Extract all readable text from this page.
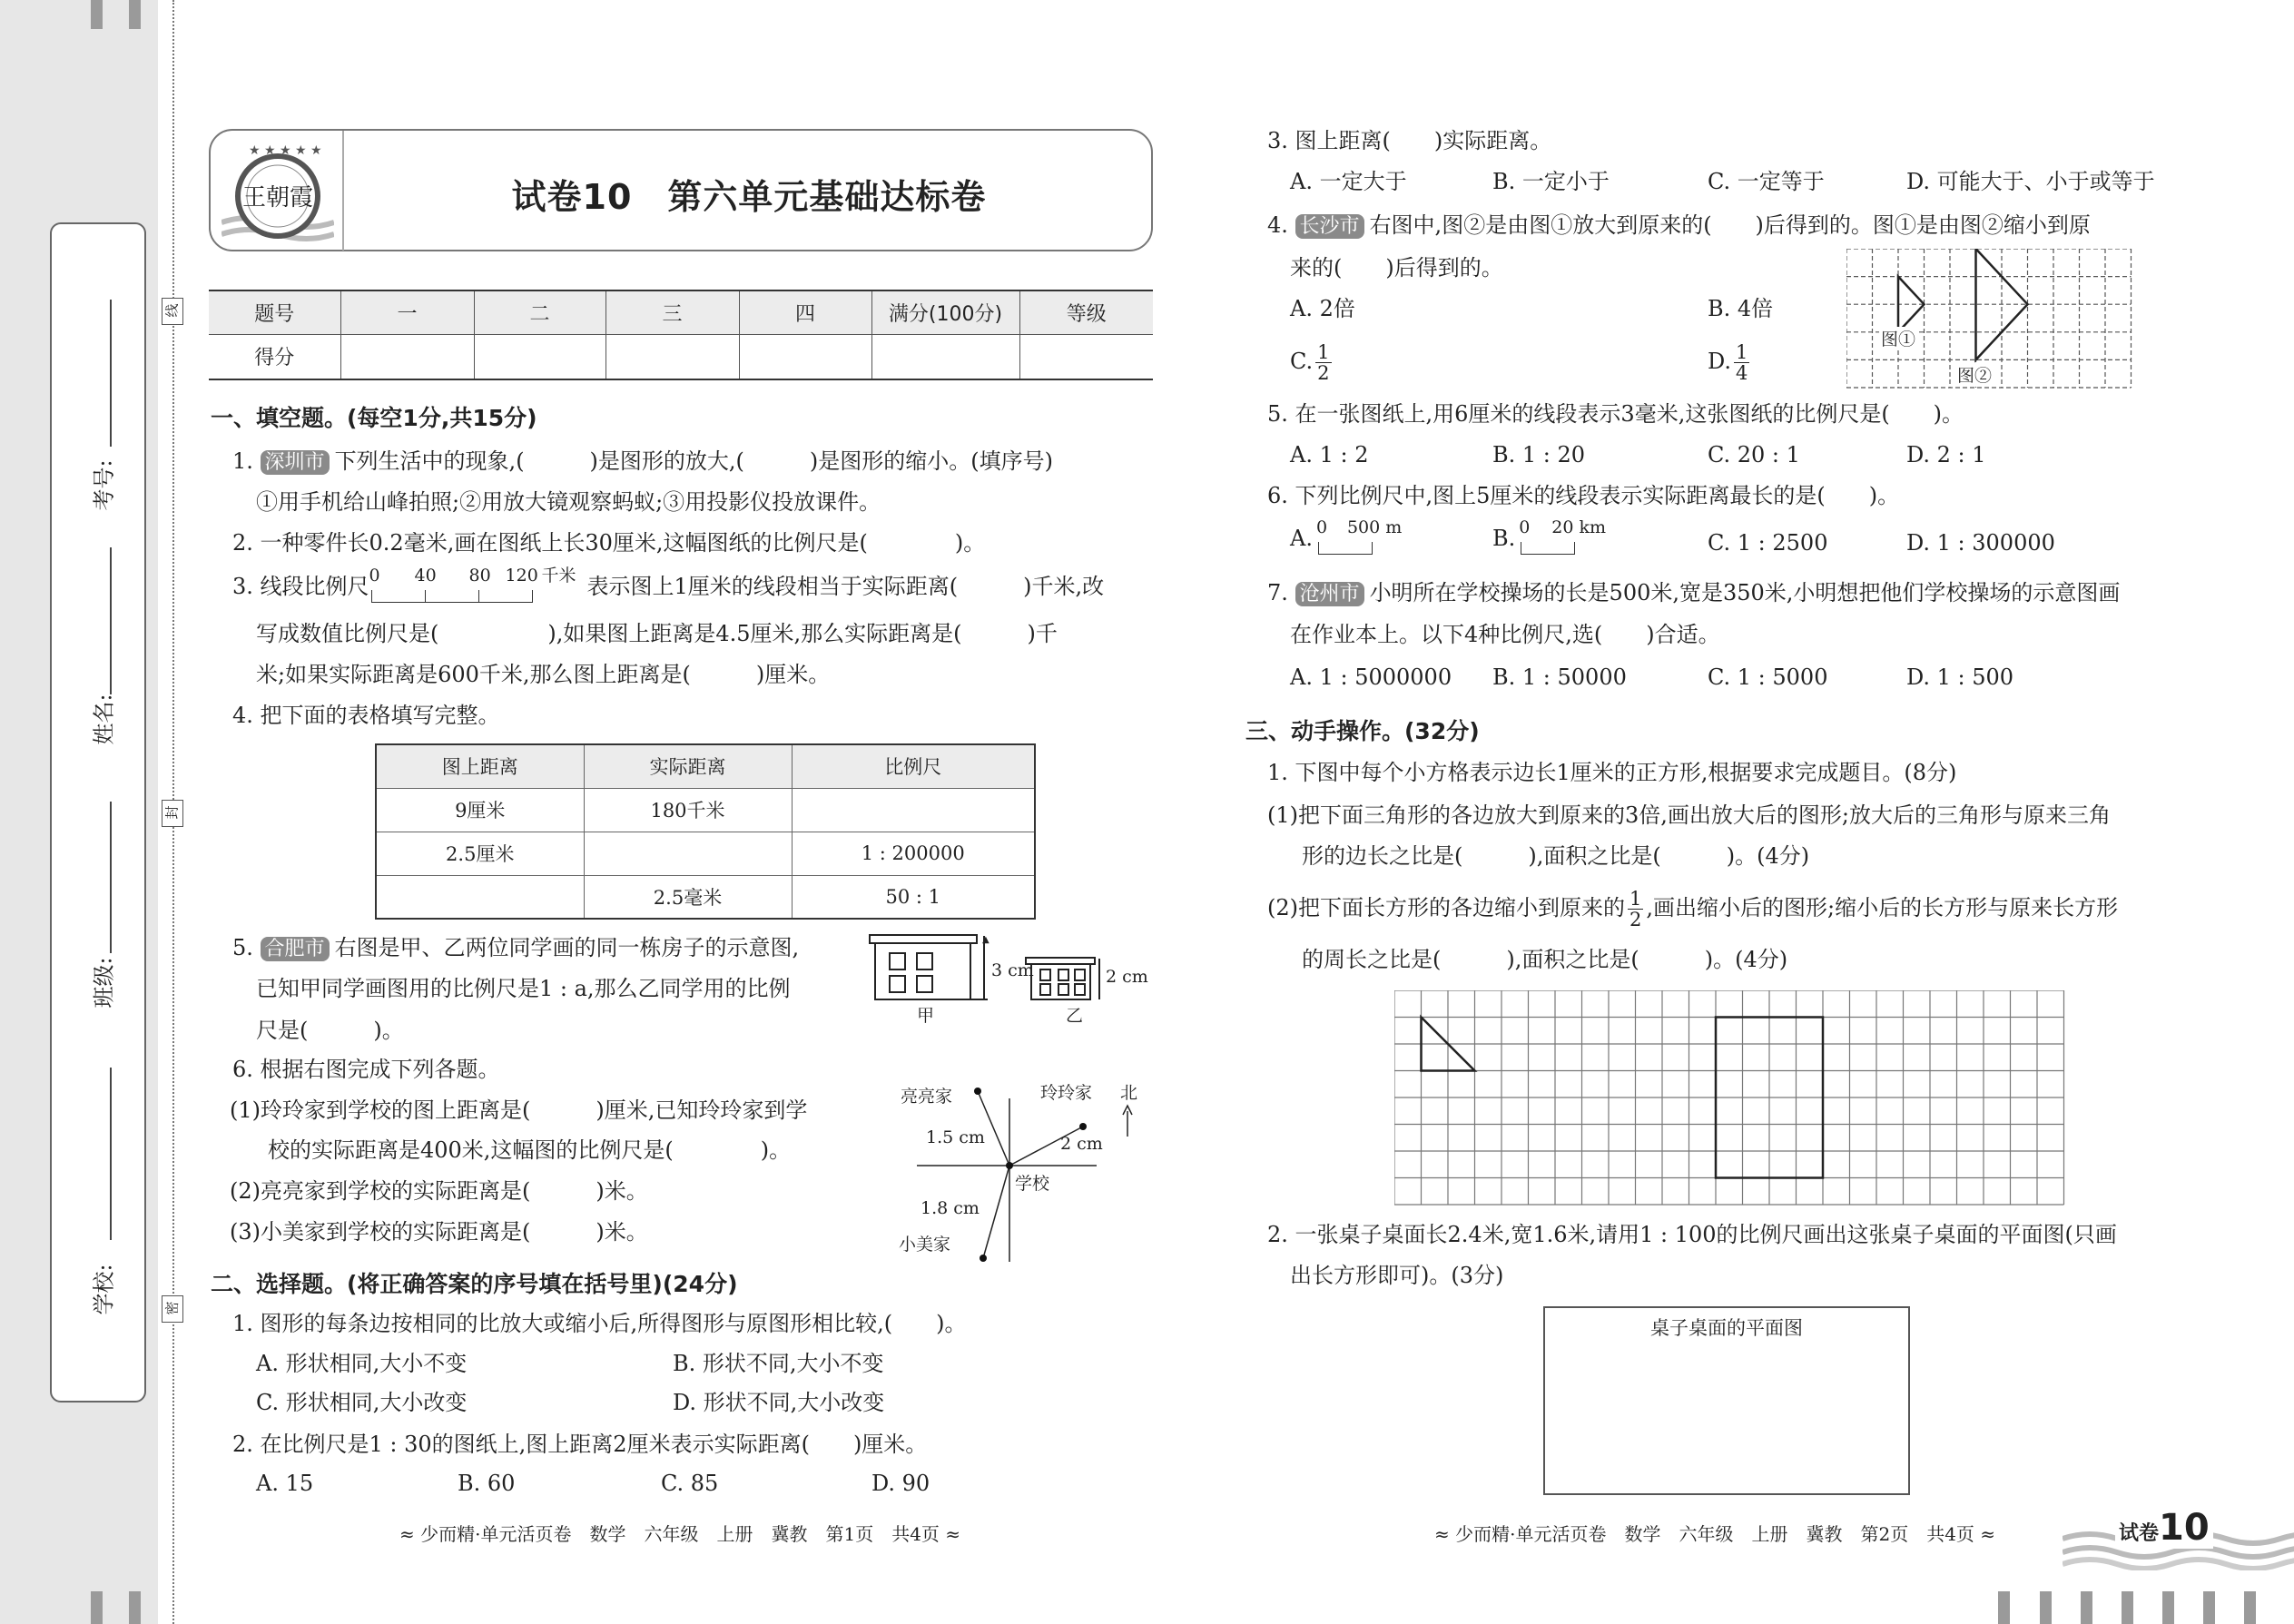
考号:
姓名:
班级:
学校:
线
封
密
★ ★ ★ ★ ★
王朝霞	试卷10　第六单元基础达标卷
题号	一	二	三	四	满分(100分)	等级
得分						
一、填空题。(每空1分,共15分)
1. 深圳市 下列生活中的现象,(　　　)是图形的放大,(　　　)是图形的缩小。(填序号)
①用手机给山峰拍照;②用放大镜观察蚂蚁;③用投影仪投放课件。
2. 一种零件长0.2毫米,画在图纸上长30厘米,这幅图纸的比例尺是(　　　　)。
3. 线段比例尺 0 40 80 120 千米 表示图上1厘米的线段相当于实际距离(　　　)千米,改
写成数值比例尺是(　　　　　),如果图上距离是4.5厘米,那么实际距离是(　　　)千
米;如果实际距离是600千米,那么图上距离是(　　　)厘米。
4. 把下面的表格填写完整。
图上距离	实际距离	比例尺
9厘米	180千米	
2.5厘米		1 : 200000
	2.5毫米	50 : 1
5. 合肥市 右图是甲、乙两位同学画的同一栋房子的示意图,
已知甲同学画图用的比例尺是1 : a,那么乙同学用的比例
尺是(　　　)。
▲
3 cm	2 cm
甲	乙
6. 根据右图完成下列各题。
(1)玲玲家到学校的图上距离是(　　　)厘米,已知玲玲家到学
校的实际距离是400米,这幅图的比例尺是(　　　　)。
(2)亮亮家到学校的实际距离是(　　　)米。
(3)小美家到学校的实际距离是(　　　)米。
亮亮家	玲玲家 北
1.5 cm	2 cm
学校
1.8 cm
小美家
二、选择题。(将正确答案的序号填在括号里)(24分)
1. 图形的每条边按相同的比放大或缩小后,所得图形与原图形相比较,(　　)。
A. 形状相同,大小不变	B. 形状不同,大小不变
C. 形状相同,大小改变	D. 形状不同,大小改变
2. 在比例尺是1 : 30的图纸上,图上距离2厘米表示实际距离(　　)厘米。
A. 15	B. 60	C. 85	D. 90
≈ 少而精·单元活页卷　数学　六年级　上册　冀教　第1页　共4页 ≈
3. 图上距离(　　)实际距离。
A. 一定大于	B. 一定小于	C. 一定等于	D. 可能大于、小于或等于
4. 长沙市 右图中,图②是由图①放大到原来的(　　)后得到的。图①是由图②缩小到原
来的(　　)后得到的。
A. 2倍	B. 4倍
C. $\frac{1}{2}$	D. $\frac{1}{4}$
图①
图②
5. 在一张图纸上,用6厘米的线段表示3毫米,这张图纸的比例尺是(　　)。
A. 1 : 2	B. 1 : 20	C. 20 : 1	D. 2 : 1
6. 下列比例尺中,图上5厘米的线段表示实际距离最长的是(　　)。
A. 0 500 m	B. 0 20 km
C. 1 : 2500	D. 1 : 300000
7. 沧州市 小明所在学校操场的长是500米,宽是350米,小明想把他们学校操场的示意图画
在作业本上。以下4种比例尺,选(　　)合适。
A. 1 : 5000000 B. 1 : 50000	C. 1 : 5000	D. 1 : 500
三、动手操作。(32分)
1. 下图中每个小方格表示边长1厘米的正方形,根据要求完成题目。(8分)
(1)把下面三角形的各边放大到原来的3倍,画出放大后的图形;放大后的三角形与原来三角
形的边长之比是(　　　),面积之比是(　　　)。(4分)
(2)把下面长方形的各边缩小到原来的 $\frac{1}{2}$ ,画出缩小后的图形;缩小后的长方形与原来长方形
的周长之比是(　　　),面积之比是(　　　)。(4分)
2. 一张桌子桌面长2.4米,宽1.6米,请用1 : 100的比例尺画出这张桌子桌面的平面图(只画
出长方形即可)。(3分)
桌子桌面的平面图
≈ 少而精·单元活页卷　数学　六年级　上册　冀教　第2页　共4页 ≈	试卷10
